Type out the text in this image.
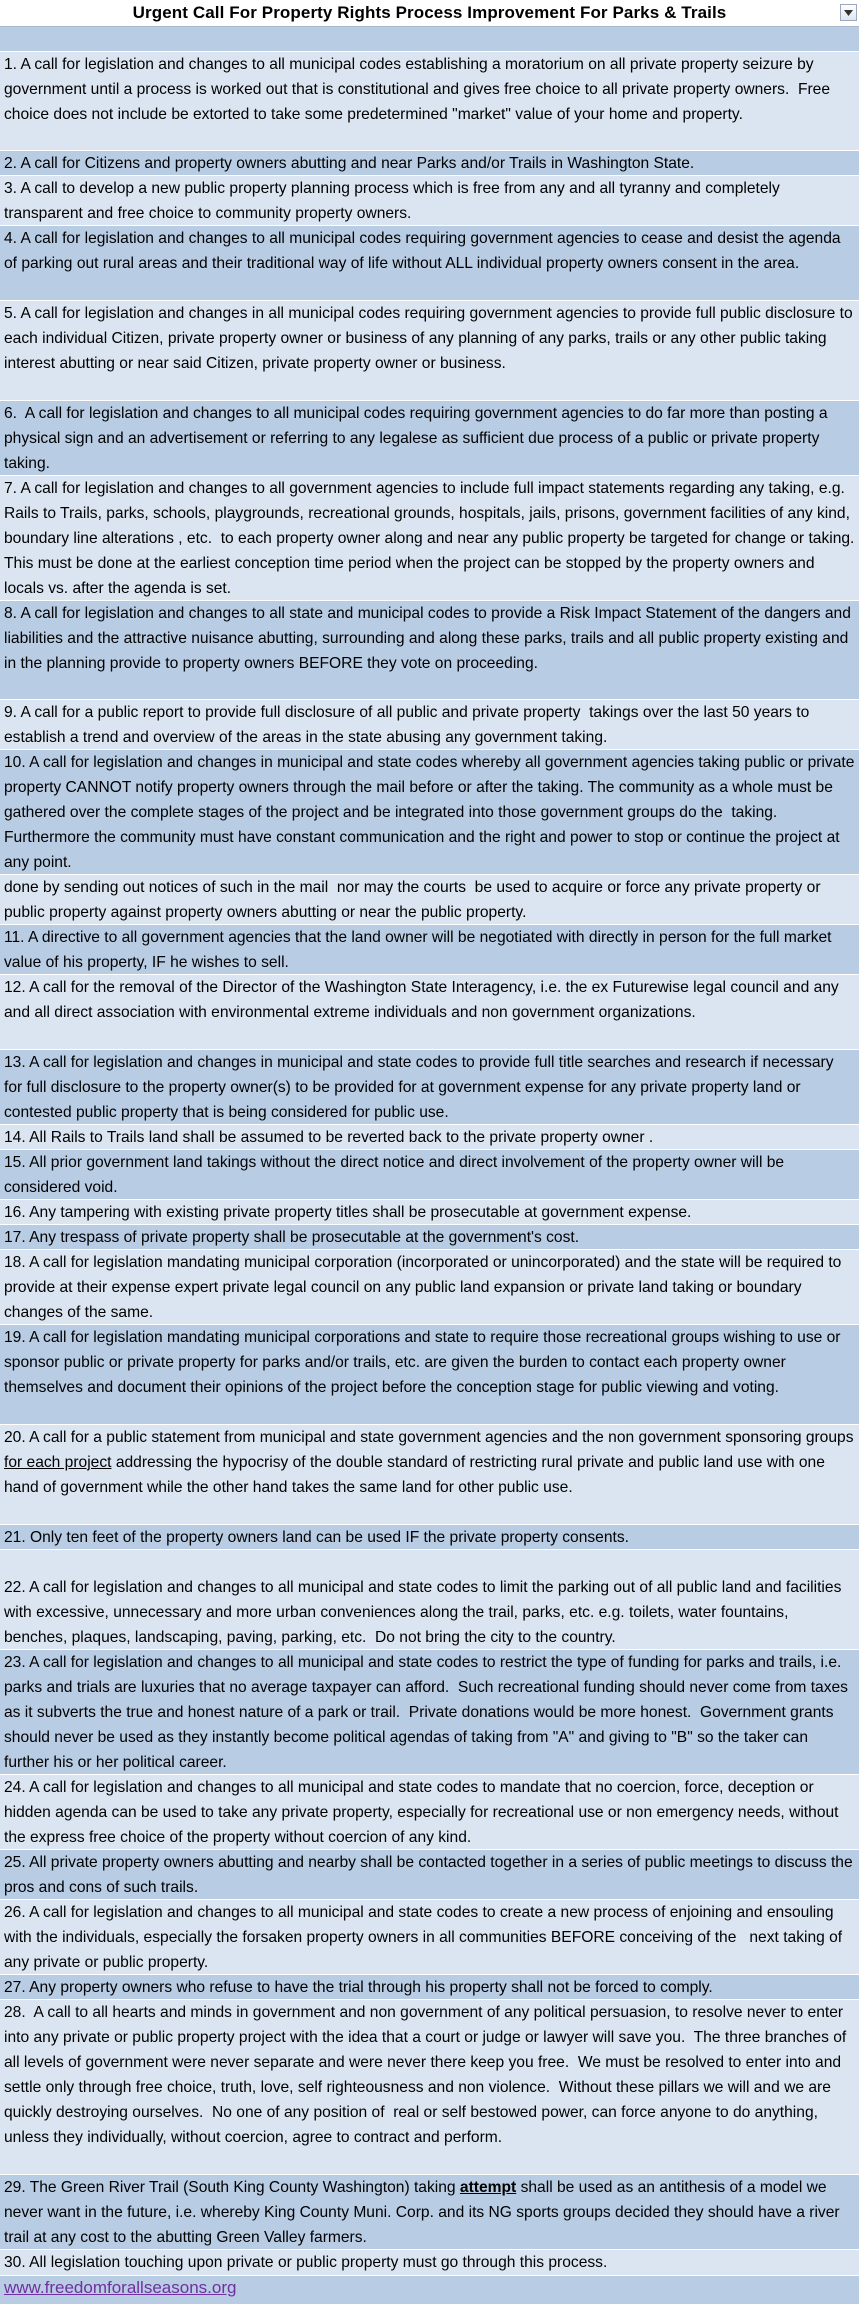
Urgent Call For Property Rights Process Improvement For Parks & Trails
1. A call for legislation and changes to all municipal codes establishing a moratorium on all private property seizure by government until a process is worked out that is constitutional and gives free choice to all private property owners.  Free choice does not include be extorted to take some predetermined "market" value of your home and property.
2. A call for Citizens and property owners abutting and near Parks and/or Trails in Washington State.
3. A call to develop a new public property planning process which is free from any and all tyranny and completely transparent and free choice to community property owners.
4. A call for legislation and changes to all municipal codes requiring government agencies to cease and desist the agenda of parking out rural areas and their traditional way of life without ALL individual property owners consent in the area.
5. A call for legislation and changes in all municipal codes requiring government agencies to provide full public disclosure to each individual Citizen, private property owner or business of any planning of any parks, trails or any other public taking interest abutting or near said Citizen, private property owner or business.
6.  A call for legislation and changes to all municipal codes requiring government agencies to do far more than posting a physical sign and an advertisement or referring to any legalese as sufficient due process of a public or private property taking.
7. A call for legislation and changes to all government agencies to include full impact statements regarding any taking, e.g. Rails to Trails, parks, schools, playgrounds, recreational grounds, hospitals, jails, prisons, government facilities of any kind, boundary line alterations , etc.  to each property owner along and near any public property be targeted for change or taking. This must be done at the earliest conception time period when the project can be stopped by the property owners and locals vs. after the agenda is set.
8. A call for legislation and changes to all state and municipal codes to provide a Risk Impact Statement of the dangers and liabilities and the attractive nuisance abutting, surrounding and along these parks, trails and all public property existing and in the planning provide to property owners BEFORE they vote on proceeding.
9. A call for a public report to provide full disclosure of all public and private property  takings over the last 50 years to establish a trend and overview of the areas in the state abusing any government taking.
10. A call for legislation and changes in municipal and state codes whereby all government agencies taking public or private property CANNOT notify property owners through the mail before or after the taking. The community as a whole must be gathered over the complete stages of the project and be integrated into those government groups do the  taking.  Furthermore the community must have constant communication and the right and power to stop or continue the project at any point.
done by sending out notices of such in the mail  nor may the courts  be used to acquire or force any private property or public property against property owners abutting or near the public property.
11. A directive to all government agencies that the land owner will be negotiated with directly in person for the full market value of his property, IF he wishes to sell.
12. A call for the removal of the Director of the Washington State Interagency, i.e. the ex Futurewise legal council and any and all direct association with environmental extreme individuals and non government organizations.
13. A call for legislation and changes in municipal and state codes to provide full title searches and research if necessary for full disclosure to the property owner(s) to be provided for at government expense for any private property land or contested public property that is being considered for public use.
14. All Rails to Trails land shall be assumed to be reverted back to the private property owner .
15. All prior government land takings without the direct notice and direct involvement of the property owner will be considered void.
16. Any tampering with existing private property titles shall be prosecutable at government expense.
17. Any trespass of private property shall be prosecutable at the government's cost.
18. A call for legislation mandating municipal corporation (incorporated or unincorporated) and the state will be required to provide at their expense expert private legal council on any public land expansion or private land taking or boundary changes of the same.
19. A call for legislation mandating municipal corporations and state to require those recreational groups wishing to use or sponsor public or private property for parks and/or trails, etc. are given the burden to contact each property owner themselves and document their opinions of the project before the conception stage for public viewing and voting.
20. A call for a public statement from municipal and state government agencies and the non government sponsoring groups for each project addressing the hypocrisy of the double standard of restricting rural private and public land use with one hand of government while the other hand takes the same land for other public use.
21. Only ten feet of the property owners land can be used IF the private property consents.
22. A call for legislation and changes to all municipal and state codes to limit the parking out of all public land and facilities with excessive, unnecessary and more urban conveniences along the trail, parks, etc. e.g. toilets, water fountains, benches, plaques, landscaping, paving, parking, etc.  Do not bring the city to the country.
23. A call for legislation and changes to all municipal and state codes to restrict the type of funding for parks and trails, i.e. parks and trials are luxuries that no average taxpayer can afford.  Such recreational funding should never come from taxes as it subverts the true and honest nature of a park or trail.  Private donations would be more honest.  Government grants should never be used as they instantly become political agendas of taking from "A" and giving to "B" so the taker can further his or her political career.
24. A call for legislation and changes to all municipal and state codes to mandate that no coercion, force, deception or hidden agenda can be used to take any private property, especially for recreational use or non emergency needs, without the express free choice of the property without coercion of any kind.
25. All private property owners abutting and nearby shall be contacted together in a series of public meetings to discuss the pros and cons of such trails.
26. A call for legislation and changes to all municipal and state codes to create a new process of enjoining and ensouling with the individuals, especially the forsaken property owners in all communities BEFORE conceiving of the   next taking of any private or public property.
27. Any property owners who refuse to have the trial through his property shall not be forced to comply.
28.  A call to all hearts and minds in government and non government of any political persuasion, to resolve never to enter into any private or public property project with the idea that a court or judge or lawyer will save you.  The three branches of all levels of government were never separate and were never there keep you free.  We must be resolved to enter into and settle only through free choice, truth, love, self righteousness and non violence.  Without these pillars we will and we are quickly destroying ourselves.  No one of any position of  real or self bestowed power, can force anyone to do anything, unless they individually, without coercion, agree to contract and perform.
29. The Green River Trail (South King County Washington) taking attempt shall be used as an antithesis of a model we never want in the future, i.e. whereby King County Muni. Corp. and its NG sports groups decided they should have a river trail at any cost to the abutting Green Valley farmers.
30. All legislation touching upon private or public property must go through this process.
www.freedomforallseasons.org
